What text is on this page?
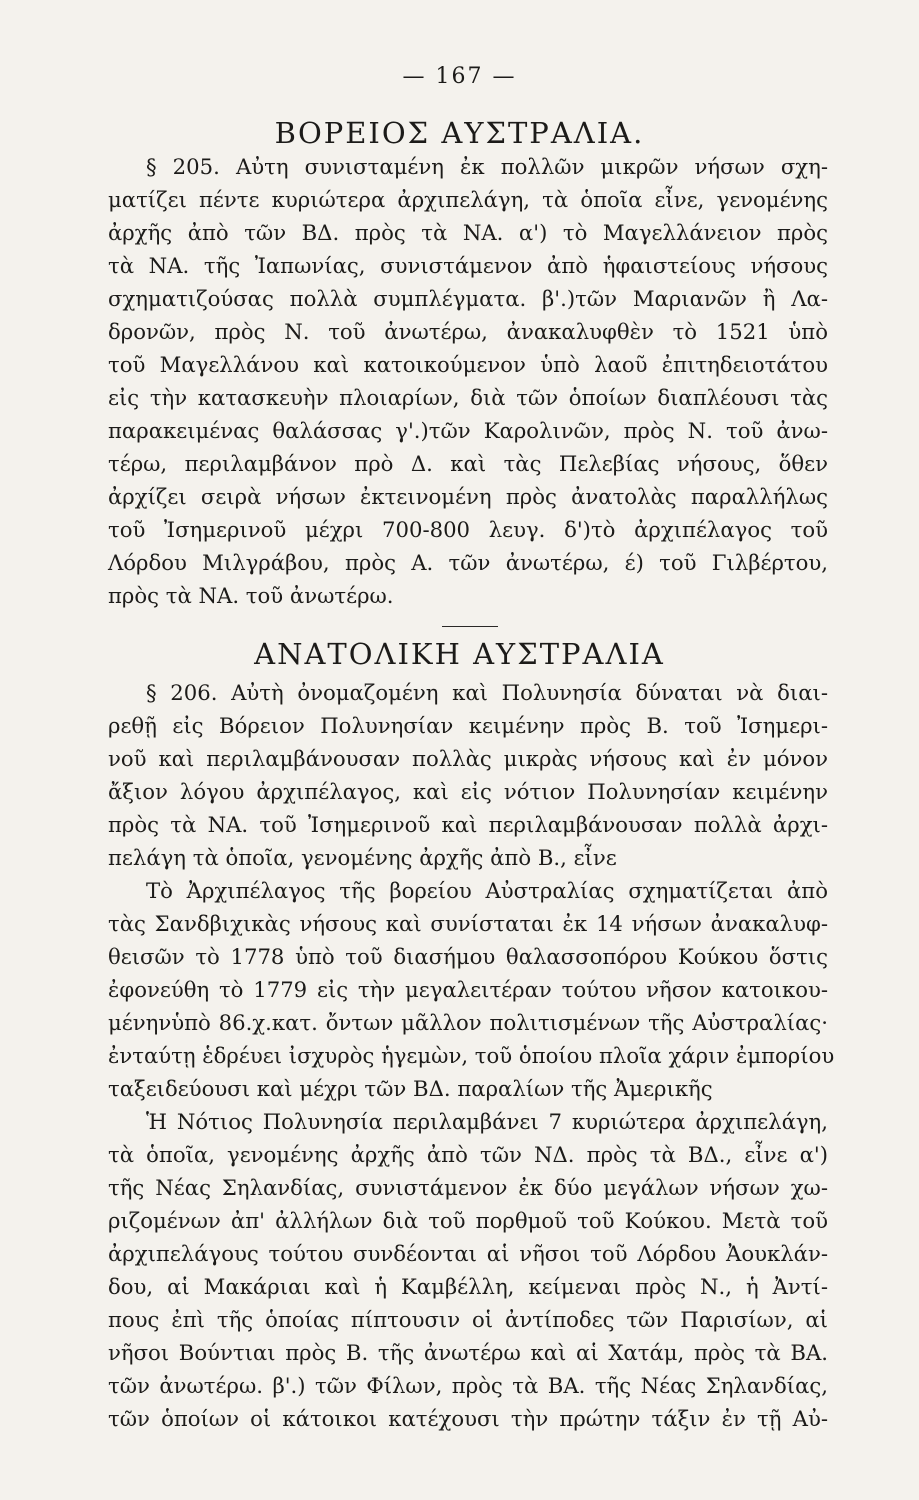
— 167 —
ΒΟΡΕΙΟΣ ΑΥΣΤΡΑΛΙΑ.
§ 205. Αὐτη συνισταμένη ἐκ πολλῶν μικρῶν νήσων σχη-
ματίζει πέντε κυριώτερα ἀρχιπελάγη, τὰ ὁποῖα εἶνε, γενομένης
ἀρχῆς ἀπὸ τῶν ΒΔ. πρὸς τὰ ΝΑ. α') τὸ Μαγελλάνειον πρὸς
τὰ ΝΑ. τῆς Ἰαπωνίας, συνιστάμενον ἀπὸ ἡφαιστείους νήσους
σχηματιζούσας πολλὰ συμπλέγματα. β'.)τῶν Μαριανῶν ἢ Λα-
δρονῶν, πρὸς Ν. τοῦ ἀνωτέρω, ἀνακαλυφθὲν τὸ 1521 ὑπὸ
τοῦ Μαγελλάνου καὶ κατοικούμενον ὑπὸ λαοῦ ἐπιτηδειοτάτου
εἰς τὴν κατασκευὴν πλοιαρίων, διὰ τῶν ὁποίων διαπλέουσι τὰς
παρακειμένας θαλάσσας γ'.)τῶν Καρολινῶν, πρὸς Ν. τοῦ ἀνω-
τέρω, περιλαμβάνον πρὸ Δ. καὶ τὰς Πελεβίας νήσους, ὅθεν
ἀρχίζει σειρὰ νήσων ἐκτεινομένη πρὸς ἀνατολὰς παραλλήλως
τοῦ Ἰσημερινοῦ μέχρι 700-800 λευγ. δ')τὸ ἀρχιπέλαγος τοῦ
Λόρδου Μιλγράβου, πρὸς Α. τῶν ἀνωτέρω, έ) τοῦ Γιλβέρτου,
πρὸς τὰ ΝΑ. τοῦ ἀνωτέρω.
ΑΝΑΤΟΛΙΚΗ ΑΥΣΤΡΑΛΙΑ
§ 206. Αὐτὴ ὀνομαζομένη καὶ Πολυνησία δύναται νὰ διαι-
ρεθῇ εἰς Βόρειον Πολυνησίαν κειμένην πρὸς Β. τοῦ Ἰσημερι-
νοῦ καὶ περιλαμβάνουσαν πολλὰς μικρὰς νήσους καὶ ἐν μόνον
ἄξιον λόγου ἀρχιπέλαγος, καὶ εἰς νότιον Πολυνησίαν κειμένην
πρὸς τὰ ΝΑ. τοῦ Ἰσημερινοῦ καὶ περιλαμβάνουσαν πολλὰ ἀρχι-
πελάγη τὰ ὁποῖα, γενομένης ἀρχῆς ἀπὸ Β., εἶνε
Τὸ Ἀρχιπέλαγος τῆς βορείου Αὐστραλίας σχηματίζεται ἀπὸ
τὰς Σανδβιχικὰς νήσους καὶ συνίσταται ἐκ 14 νήσων ἀνακαλυφ-
θεισῶν τὸ 1778 ὑπὸ τοῦ διασήμου θαλασσοπόρου Κούκου ὅστις
ἐφονεύθη τὸ 1779 εἰς τὴν μεγαλειτέραν τούτου νῆσον κατοικου-
μένηνὑπὸ 86.χ.κατ. ὄντων μᾶλλον πολιτισμένων τῆς Αὐστραλίας·
ἐνταύτῃ ἑδρέυει ἰσχυρὸς ἡγεμὼν, τοῦ ὁποίου πλοῖα χάριν ἐμπορίου
ταξειδεύουσι καὶ μέχρι τῶν ΒΔ. παραλίων τῆς Ἀμερικῆς
Ἡ Νότιος Πολυνησία περιλαμβάνει 7 κυριώτερα ἀρχιπελάγη,
τὰ ὁποῖα, γενομένης ἀρχῆς ἀπὸ τῶν ΝΔ. πρὸς τὰ ΒΔ., εἶνε α')
τῆς Νέας Σηλανδίας, συνιστάμενον ἐκ δύο μεγάλων νήσων χω-
ριζομένων ἀπ' ἀλλήλων διὰ τοῦ πορθμοῦ τοῦ Κούκου. Μετὰ τοῦ
ἀρχιπελάγους τούτου συνδέονται αἱ νῆσοι τοῦ Λόρδου Ἀουκλάν-
δου, αἱ Μακάριαι καὶ ἡ Καμβέλλη, κείμεναι πρὸς Ν., ἡ Ἀντί-
πους ἐπὶ τῆς ὁποίας πίπτουσιν οἱ ἀντίποδες τῶν Παρισίων, αἱ
νῆσοι Βούντιαι πρὸς Β. τῆς ἀνωτέρω καὶ αἱ Χατάμ, πρὸς τὰ ΒΑ.
τῶν ἀνωτέρω. β'.) τῶν Φίλων, πρὸς τὰ ΒΑ. τῆς Νέας Σηλανδίας,
τῶν ὁποίων οἱ κάτοικοι κατέχουσι τὴν πρώτην τάξιν ἐν τῇ Αὐ-
